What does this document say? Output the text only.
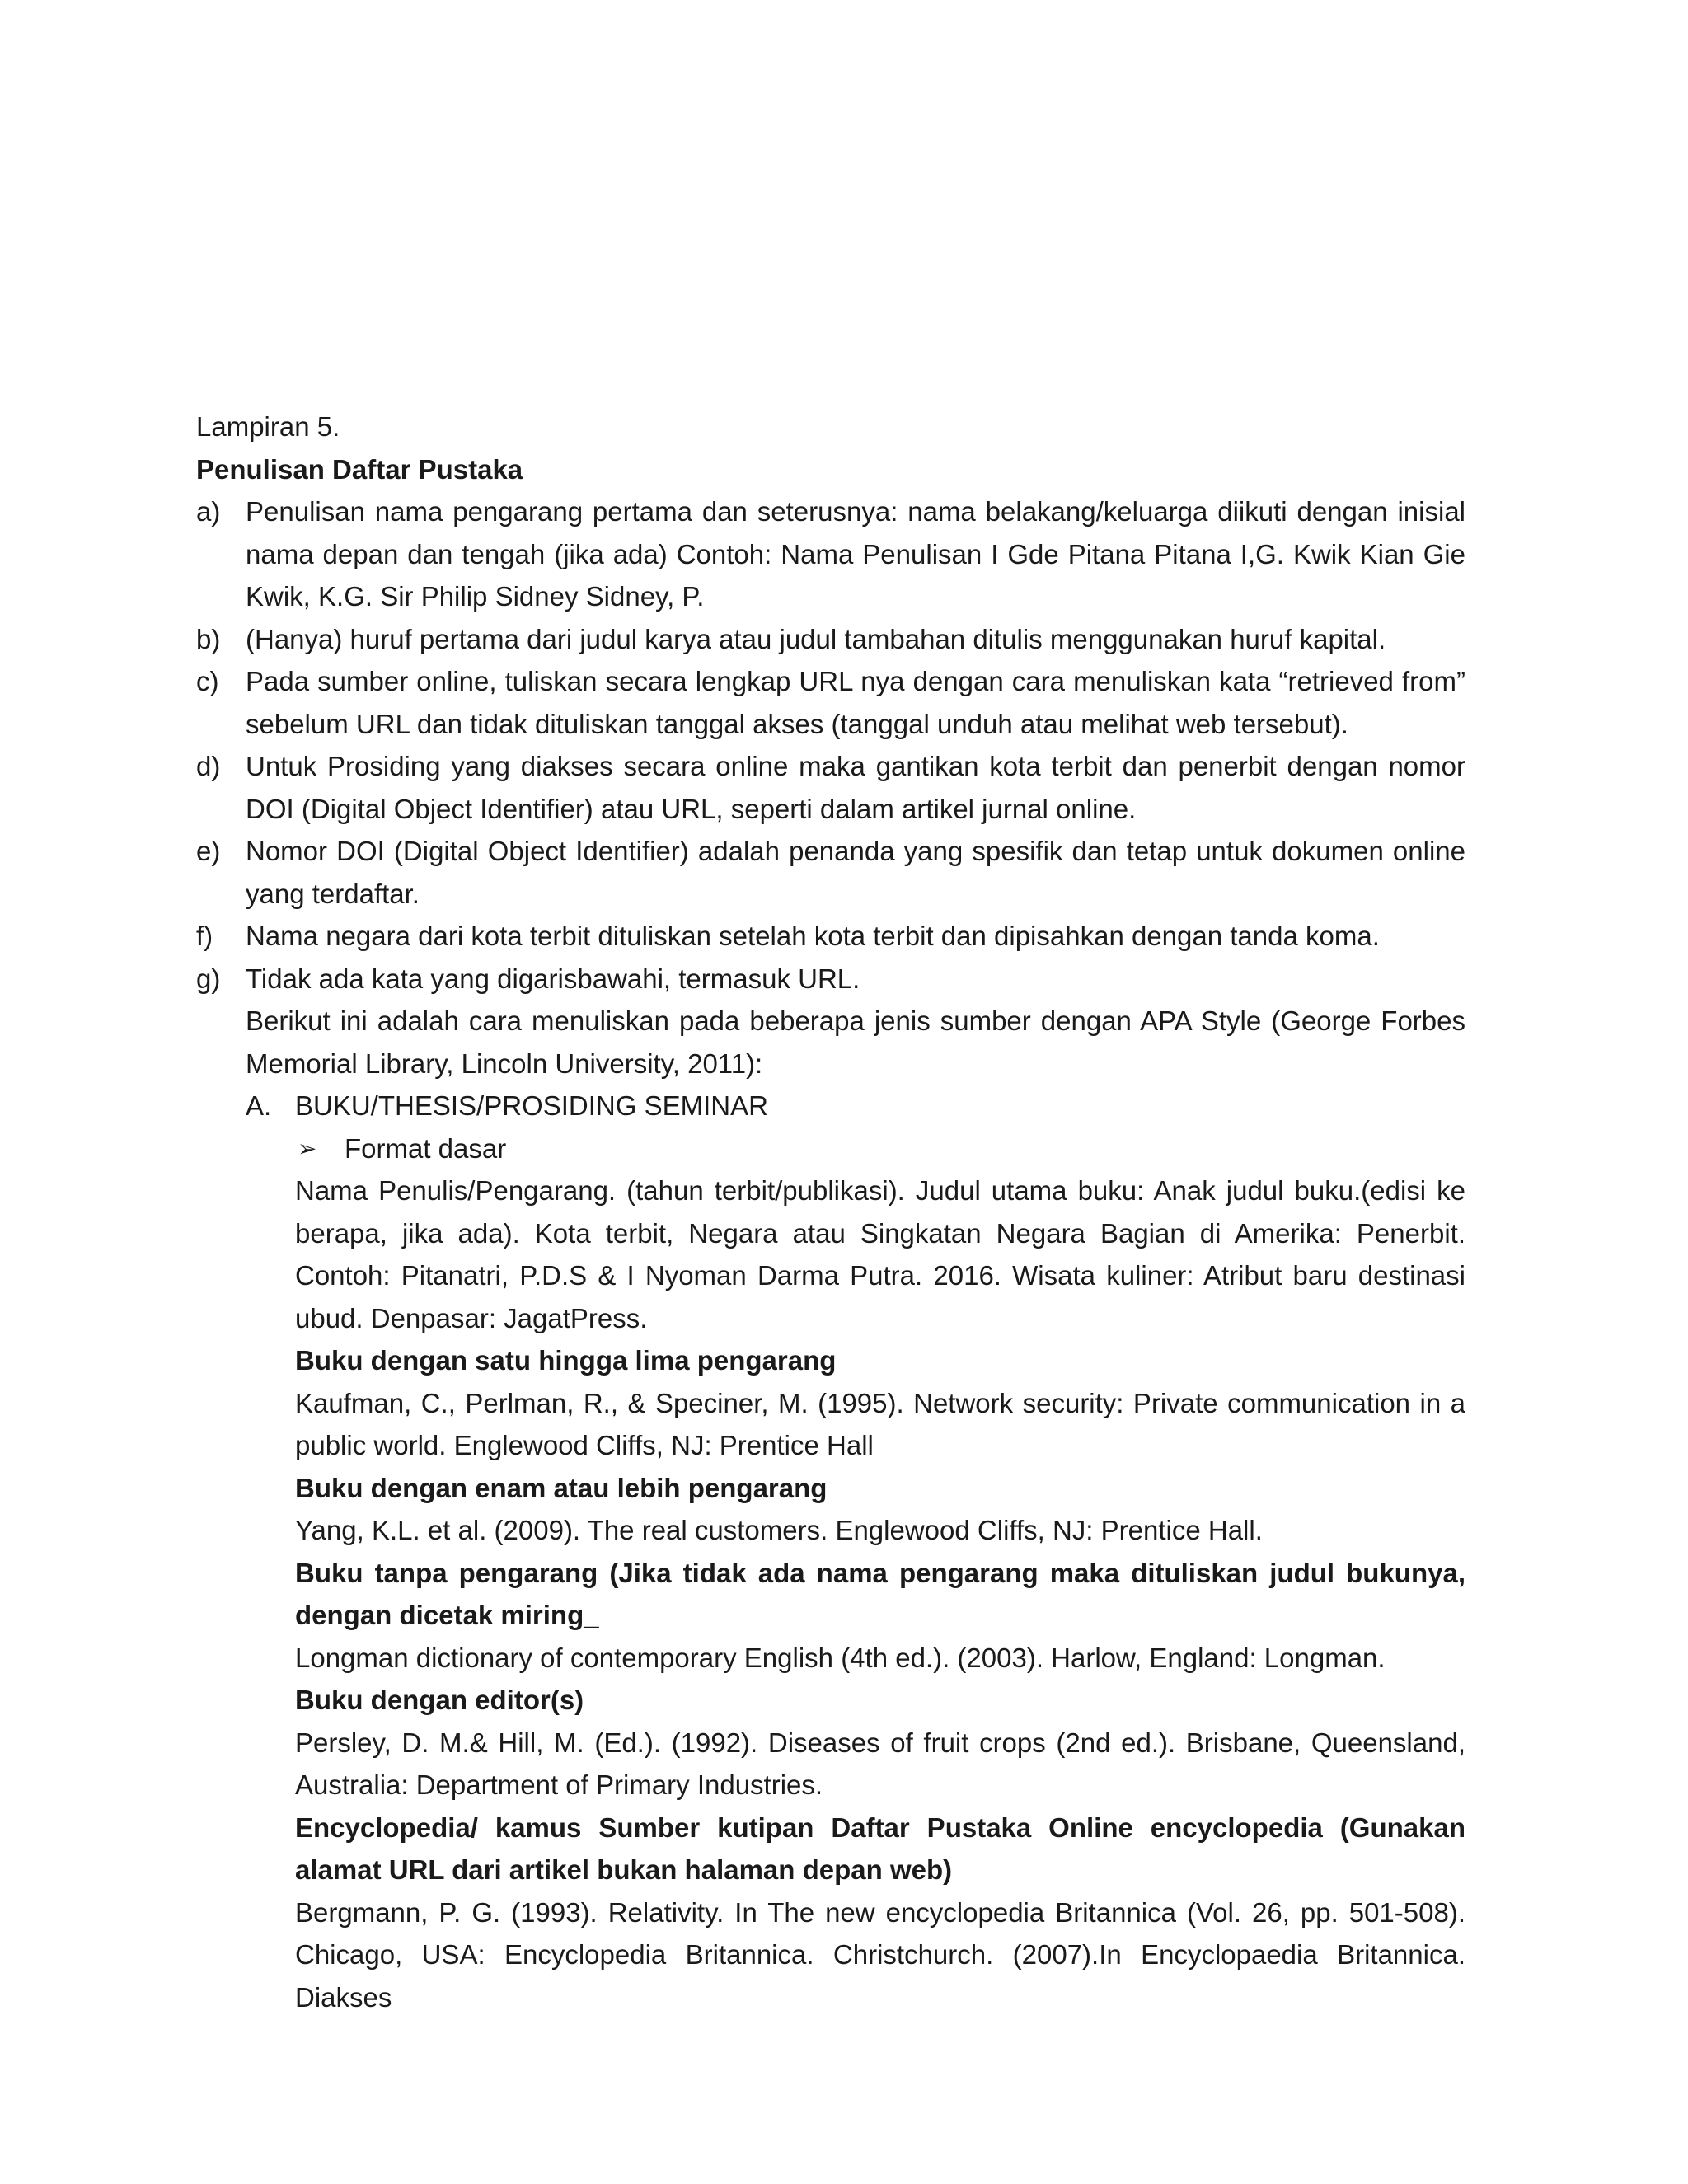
Lampiran 5.

Penulisan Daftar Pustaka

a) Penulisan nama pengarang pertama dan seterusnya: nama belakang/keluarga diikuti dengan inisial nama depan dan tengah (jika ada) Contoh: Nama Penulisan I Gde Pitana Pitana I,G. Kwik Kian Gie Kwik, K.G. Sir Philip Sidney Sidney, P.
b) (Hanya) huruf pertama dari judul karya atau judul tambahan ditulis menggunakan huruf kapital.
c) Pada sumber online, tuliskan secara lengkap URL nya dengan cara menuliskan kata “retrieved from” sebelum URL dan tidak dituliskan tanggal akses (tanggal unduh atau melihat web tersebut).
d) Untuk Prosiding yang diakses secara online maka gantikan kota terbit dan penerbit dengan nomor DOI (Digital Object Identifier) atau URL, seperti dalam artikel jurnal online.
e) Nomor DOI (Digital Object Identifier) adalah penanda yang spesifik dan tetap untuk dokumen online yang terdaftar.
f) Nama negara dari kota terbit dituliskan setelah kota terbit dan dipisahkan dengan tanda koma.
g) Tidak ada kata yang digarisbawahi, termasuk URL.
Berikut ini adalah cara menuliskan pada beberapa jenis sumber dengan APA Style (George Forbes Memorial Library, Lincoln University, 2011):
A. BUKU/THESIS/PROSIDING SEMINAR
➢ Format dasar
Nama Penulis/Pengarang. (tahun terbit/publikasi). Judul utama buku: Anak judul buku.(edisi ke berapa, jika ada). Kota terbit, Negara atau Singkatan Negara Bagian di Amerika: Penerbit. Contoh: Pitanatri, P.D.S & I Nyoman Darma Putra. 2016. Wisata kuliner: Atribut baru destinasi ubud. Denpasar: JagatPress.
Buku dengan satu hingga lima pengarang
Kaufman, C., Perlman, R., & Speciner, M. (1995). Network security: Private communication in a public world. Englewood Cliffs, NJ: Prentice Hall
Buku dengan enam atau lebih pengarang
Yang, K.L. et al. (2009). The real customers. Englewood Cliffs, NJ: Prentice Hall.
Buku tanpa pengarang (Jika tidak ada nama pengarang maka dituliskan judul bukunya, dengan dicetak miring_
Longman dictionary of contemporary English (4th ed.). (2003). Harlow, England: Longman.
Buku dengan editor(s)
Persley, D. M.& Hill, M. (Ed.). (1992). Diseases of fruit crops (2nd ed.). Brisbane, Queensland, Australia: Department of Primary Industries.
Encyclopedia/ kamus Sumber kutipan Daftar Pustaka Online encyclopedia (Gunakan alamat URL dari artikel bukan halaman depan web)
Bergmann, P. G. (1993). Relativity. In The new encyclopedia Britannica (Vol. 26, pp. 501-508). Chicago, USA: Encyclopedia Britannica. Christchurch. (2007).In Encyclopaedia Britannica. Diakses
